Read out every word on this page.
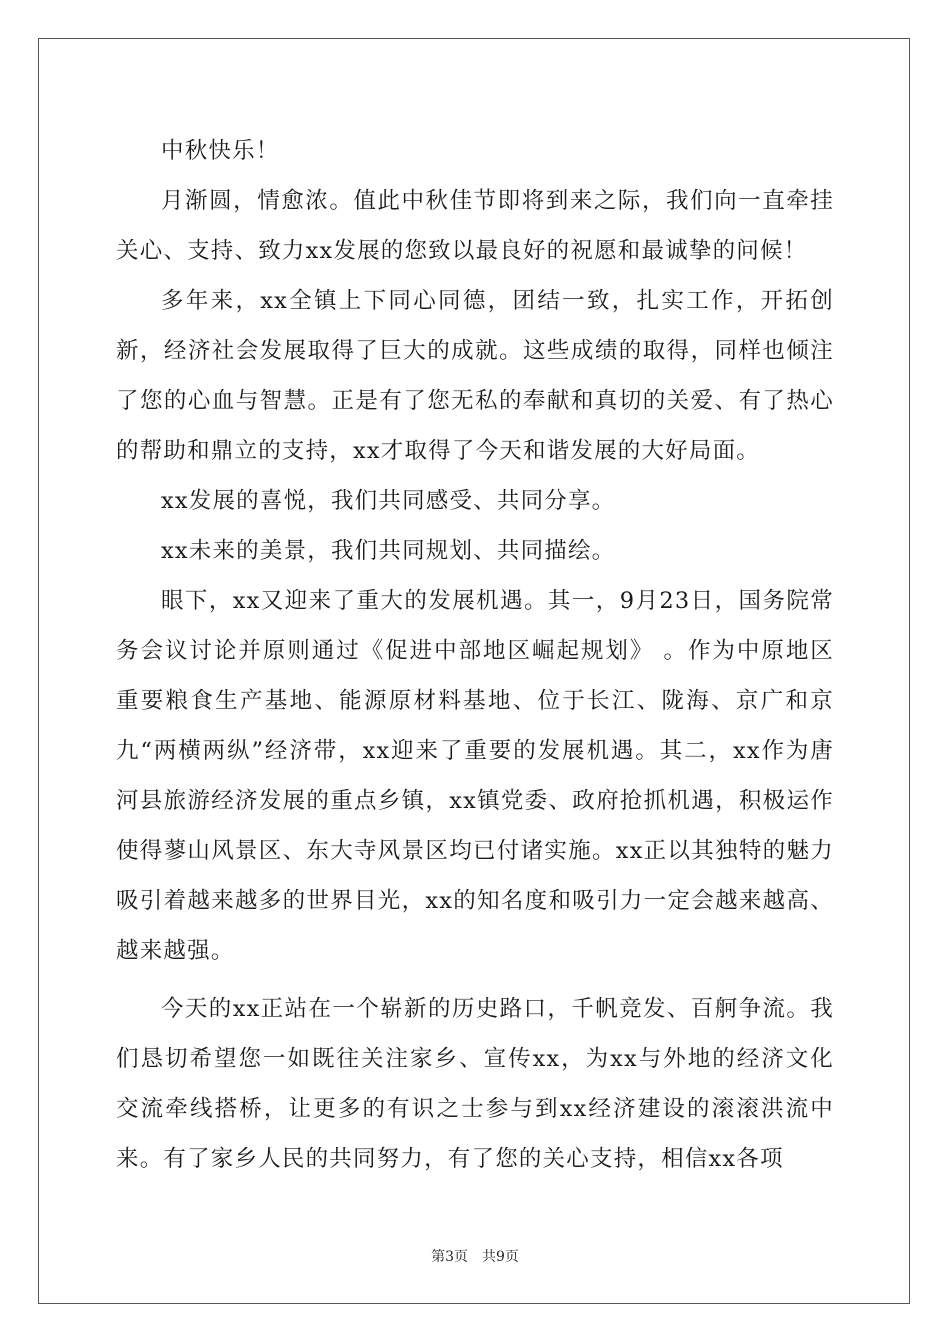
中秋快乐！

月渐圆，情愈浓。值此中秋佳节即将到来之际，我们向一直牵挂关心、支持、致力xx发展的您致以最良好的祝愿和最诚挚的问候！

多年来，xx全镇上下同心同德，团结一致，扎实工作，开拓创新，经济社会发展取得了巨大的成就。这些成绩的取得，同样也倾注了您的心血与智慧。正是有了您无私的奉献和真切的关爱、有了热心的帮助和鼎立的支持，xx才取得了今天和谐发展的大好局面。

xx发展的喜悦，我们共同感受、共同分享。

xx未来的美景，我们共同规划、共同描绘。

眼下，xx又迎来了重大的发展机遇。其一，9月23日，国务院常务会议讨论并原则通过《促进中部地区崛起规划》 。作为中原地区重要粮食生产基地、能源原材料基地、位于长江、陇海、京广和京九“两横两纵”经济带，xx迎来了重要的发展机遇。其二，xx作为唐河县旅游经济发展的重点乡镇，xx镇党委、政府抢抓机遇，积极运作使得蓼山风景区、东大寺风景区均已付诸实施。xx正以其独特的魅力吸引着越来越多的世界目光，xx的知名度和吸引力一定会越来越高、越来越强。

今天的xx正站在一个崭新的历史路口，千帆竞发、百舸争流。我们恳切希望您一如既往关注家乡、宣传xx，为xx与外地的经济文化交流牵线搭桥，让更多的有识之士参与到xx经济建设的滚滚洪流中来。有了家乡人民的共同努力，有了您的关心支持，相信xx各项

第3页　共9页
